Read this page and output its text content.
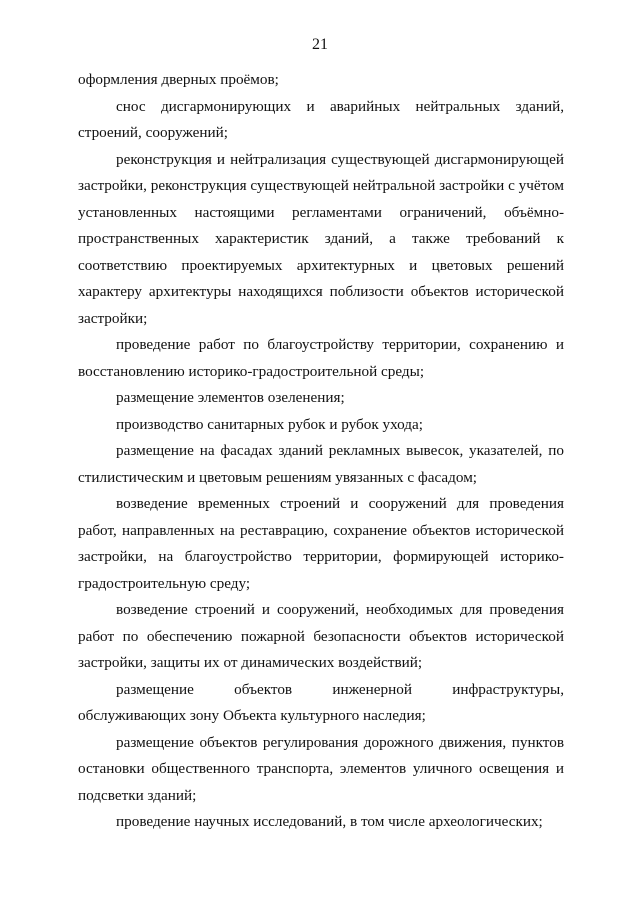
21

оформления дверных проёмов;

снос дисгармонирующих и аварийных нейтральных зданий, строений, сооружений;

реконструкция и нейтрализация существующей дисгармонирующей застройки, реконструкция существующей нейтральной застройки с учётом установленных настоящими регламентами ограничений, объёмно-пространственных характеристик зданий, а также требований к соответствию проектируемых архитектурных и цветовых решений характеру архитектуры находящихся поблизости объектов исторической застройки;

проведение работ по благоустройству территории, сохранению и восстановлению историко-градостроительной среды;

размещение элементов озеленения;

производство санитарных рубок и рубок ухода;

размещение на фасадах зданий рекламных вывесок, указателей, по стилистическим и цветовым решениям увязанных с фасадом;

возведение временных строений и сооружений для проведения работ, направленных на реставрацию, сохранение объектов исторической застройки, на благоустройство территории, формирующей историко-градостроительную среду;

возведение строений и сооружений, необходимых для проведения работ по обеспечению пожарной безопасности объектов исторической застройки, защиты их от динамических воздействий;

размещение объектов инженерной инфраструктуры, обслуживающих зону Объекта культурного наследия;

размещение объектов регулирования дорожного движения, пунктов остановки общественного транспорта, элементов уличного освещения и подсветки зданий;

проведение научных исследований, в том числе археологических;
